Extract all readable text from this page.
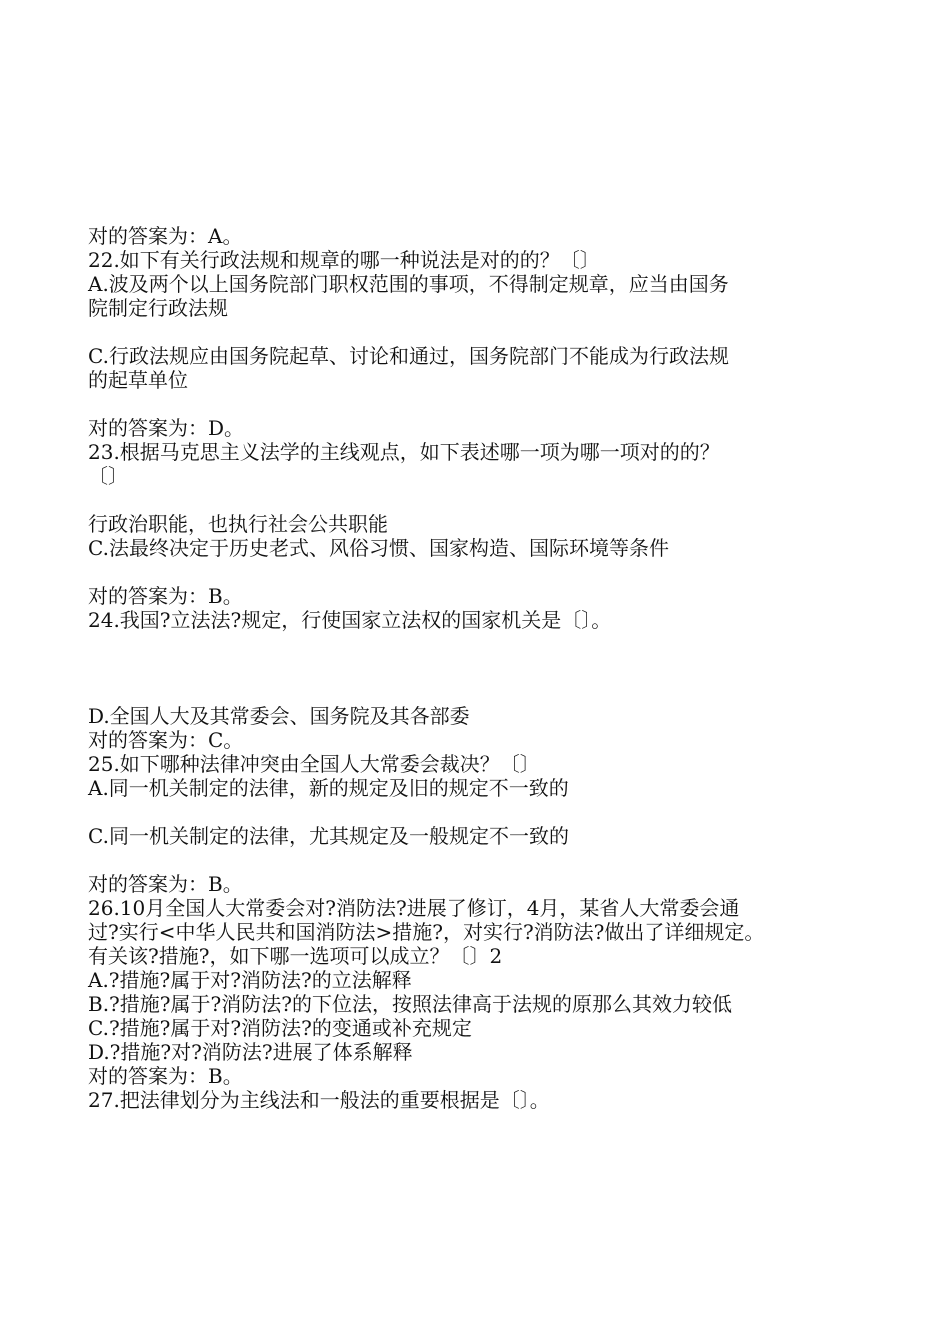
对的答案为：A。
22.如下有关行政法规和规章的哪一种说法是对的的？〔〕
A.波及两个以上国务院部门职权范围的事项，不得制定规章，应当由国务
院制定行政法规
C.行政法规应由国务院起草、讨论和通过，国务院部门不能成为行政法规
的起草单位
对的答案为：D。
23.根据马克思主义法学的主线观点，如下表述哪一项为哪一项对的的？
〔〕
行政治职能，也执行社会公共职能
C.法最终决定于历史老式、风俗习惯、国家构造、国际环境等条件
对的答案为：B。
24.我国?立法法?规定，行使国家立法权的国家机关是〔〕。
D.全国人大及其常委会、国务院及其各部委
对的答案为：C。
25.如下哪种法律冲突由全国人大常委会裁决？〔〕
A.同一机关制定的法律，新的规定及旧的规定不一致的
C.同一机关制定的法律，尤其规定及一般规定不一致的
对的答案为：B。
26.10月全国人大常委会对?消防法?进展了修订，4月，某省人大常委会通
过?实行<中华人民共和国消防法>措施?，对实行?消防法?做出了详细规定。
有关该?措施?，如下哪一选项可以成立？〔〕2
A.?措施?属于对?消防法?的立法解释
B.?措施?属于?消防法?的下位法，按照法律高于法规的原那么其效力较低
C.?措施?属于对?消防法?的变通或补充规定
D.?措施?对?消防法?进展了体系解释
对的答案为：B。
27.把法律划分为主线法和一般法的重要根据是〔〕。
